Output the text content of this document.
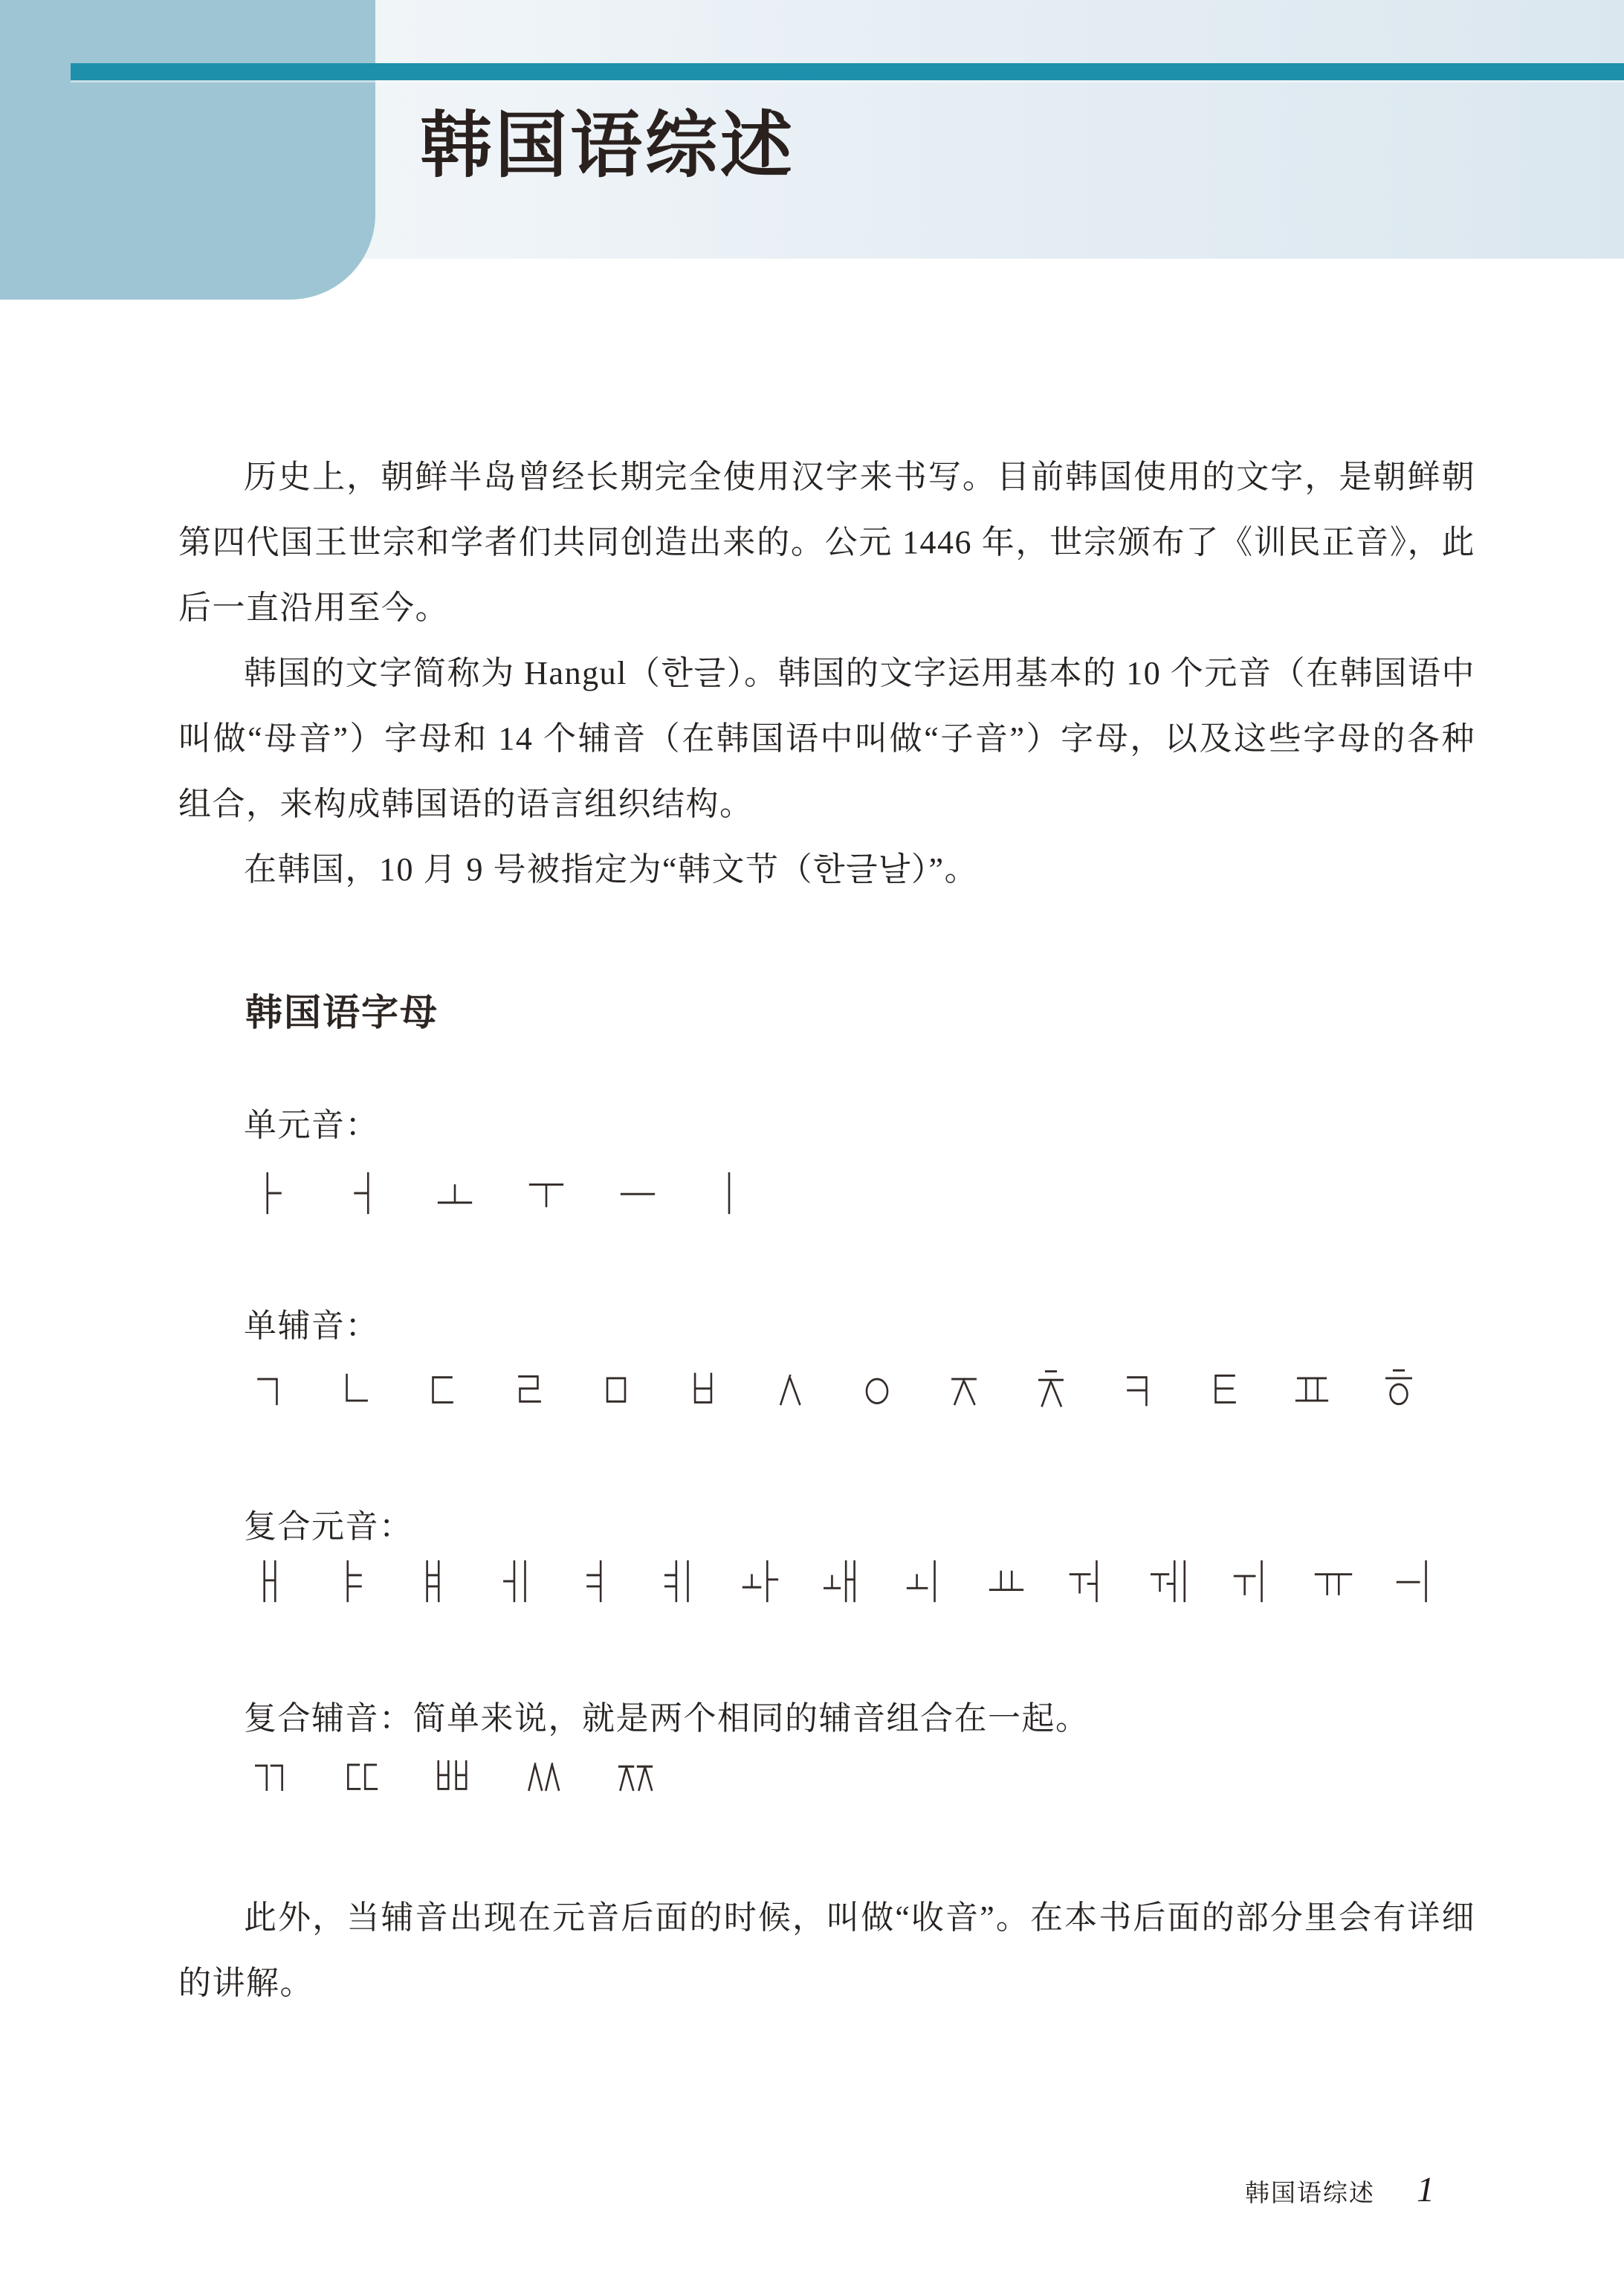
韩国语综述

历史上，朝鲜半岛曾经长期完全使用汉字来书写。目前韩国使用的文字，是朝鲜朝第四代国王世宗和学者们共同创造出来的。公元 1446 年，世宗颁布了《训民正音》，此后一直沿用至今。

韩国的文字简称为 Hangul（한글）。韩国的文字运用基本的 10 个元音（在韩国语中叫做“母音”）字母和 14 个辅音（在韩国语中叫做“子音”）字母，以及这些字母的各种组合，来构成韩国语的语言组织结构。

在韩国，10 月 9 号被指定为“韩文节（한글날）”。

韩国语字母

单元音：

单辅音：

复合元音：

复合辅音：简单来说，就是两个相同的辅音组合在一起。

此外，当辅音出现在元音后面的时候，叫做“收音”。在本书后面的部分里会有详细的讲解。

韩国语综述 1
